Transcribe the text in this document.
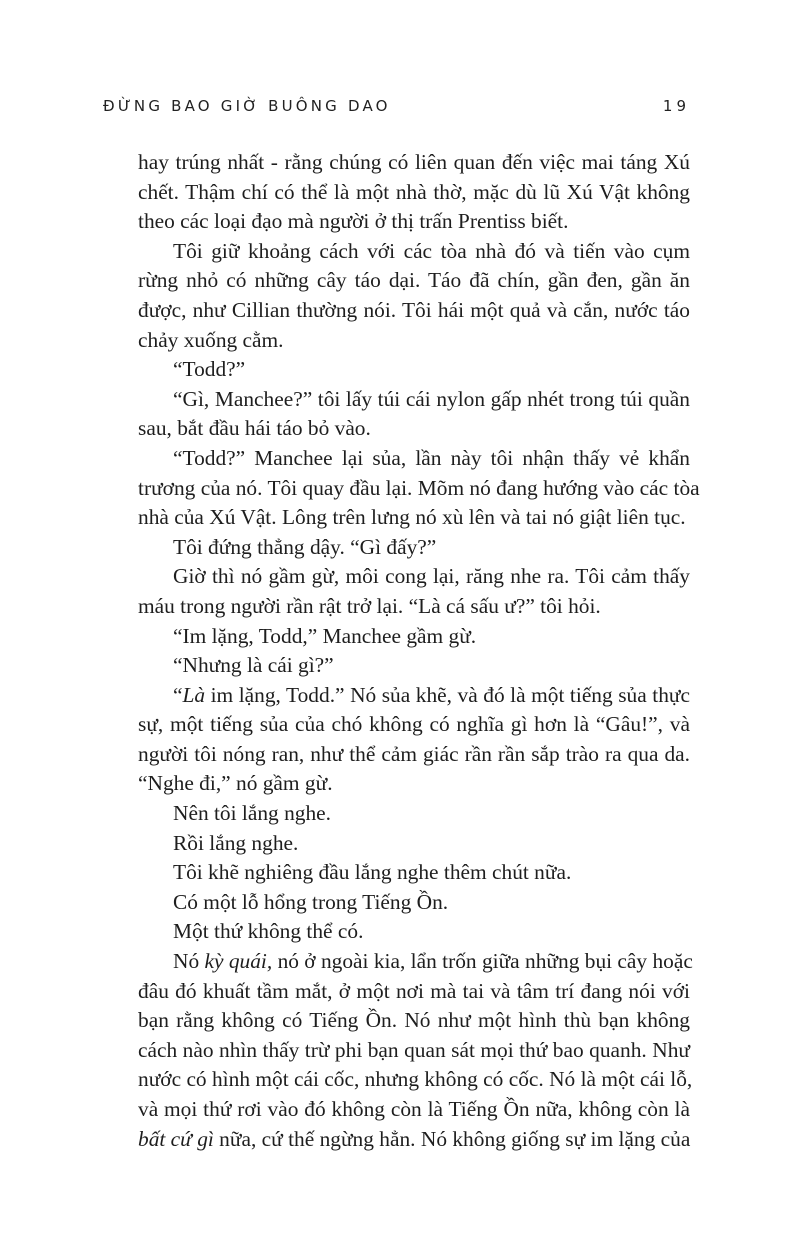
ĐỪNG BAO GIỜ BUÔNG DAO	19
hay trúng nhất - rằng chúng có liên quan đến việc mai táng Xú
chết. Thậm chí có thể là một nhà thờ, mặc dù lũ Xú Vật không
theo các loại đạo mà người ở thị trấn Prentiss biết.
Tôi giữ khoảng cách với các tòa nhà đó và tiến vào cụm
rừng nhỏ có những cây táo dại. Táo đã chín, gần đen, gần ăn
được, như Cillian thường nói. Tôi hái một quả và cắn, nước táo
chảy xuống cằm.
“Todd?”
“Gì, Manchee?” tôi lấy túi cái nylon gấp nhét trong túi quần
sau, bắt đầu hái táo bỏ vào.
“Todd?” Manchee lại sủa, lần này tôi nhận thấy vẻ khẩn
trương của nó. Tôi quay đầu lại. Mõm nó đang hướng vào các tòa
nhà của Xú Vật. Lông trên lưng nó xù lên và tai nó giật liên tục.
Tôi đứng thẳng dậy. “Gì đấy?”
Giờ thì nó gầm gừ, môi cong lại, răng nhe ra. Tôi cảm thấy
máu trong người rần rật trở lại. “Là cá sấu ư?” tôi hỏi.
“Im lặng, Todd,” Manchee gầm gừ.
“Nhưng là cái gì?”
“Là im lặng, Todd.” Nó sủa khẽ, và đó là một tiếng sủa thực
sự, một tiếng sủa của chó không có nghĩa gì hơn là “Gâu!”, và
người tôi nóng ran, như thể cảm giác rần rần sắp trào ra qua da.
“Nghe đi,” nó gầm gừ.
Nên tôi lắng nghe.
Rồi lắng nghe.
Tôi khẽ nghiêng đầu lắng nghe thêm chút nữa.
Có một lỗ hổng trong Tiếng Ồn.
Một thứ không thể có.
Nó kỳ quái, nó ở ngoài kia, lẩn trốn giữa những bụi cây hoặc
đâu đó khuất tầm mắt, ở một nơi mà tai và tâm trí đang nói với
bạn rằng không có Tiếng Ồn. Nó như một hình thù bạn không
cách nào nhìn thấy trừ phi bạn quan sát mọi thứ bao quanh. Như
nước có hình một cái cốc, nhưng không có cốc. Nó là một cái lỗ,
và mọi thứ rơi vào đó không còn là Tiếng Ồn nữa, không còn là
bất cứ gì nữa, cứ thế ngừng hẳn. Nó không giống sự im lặng của
